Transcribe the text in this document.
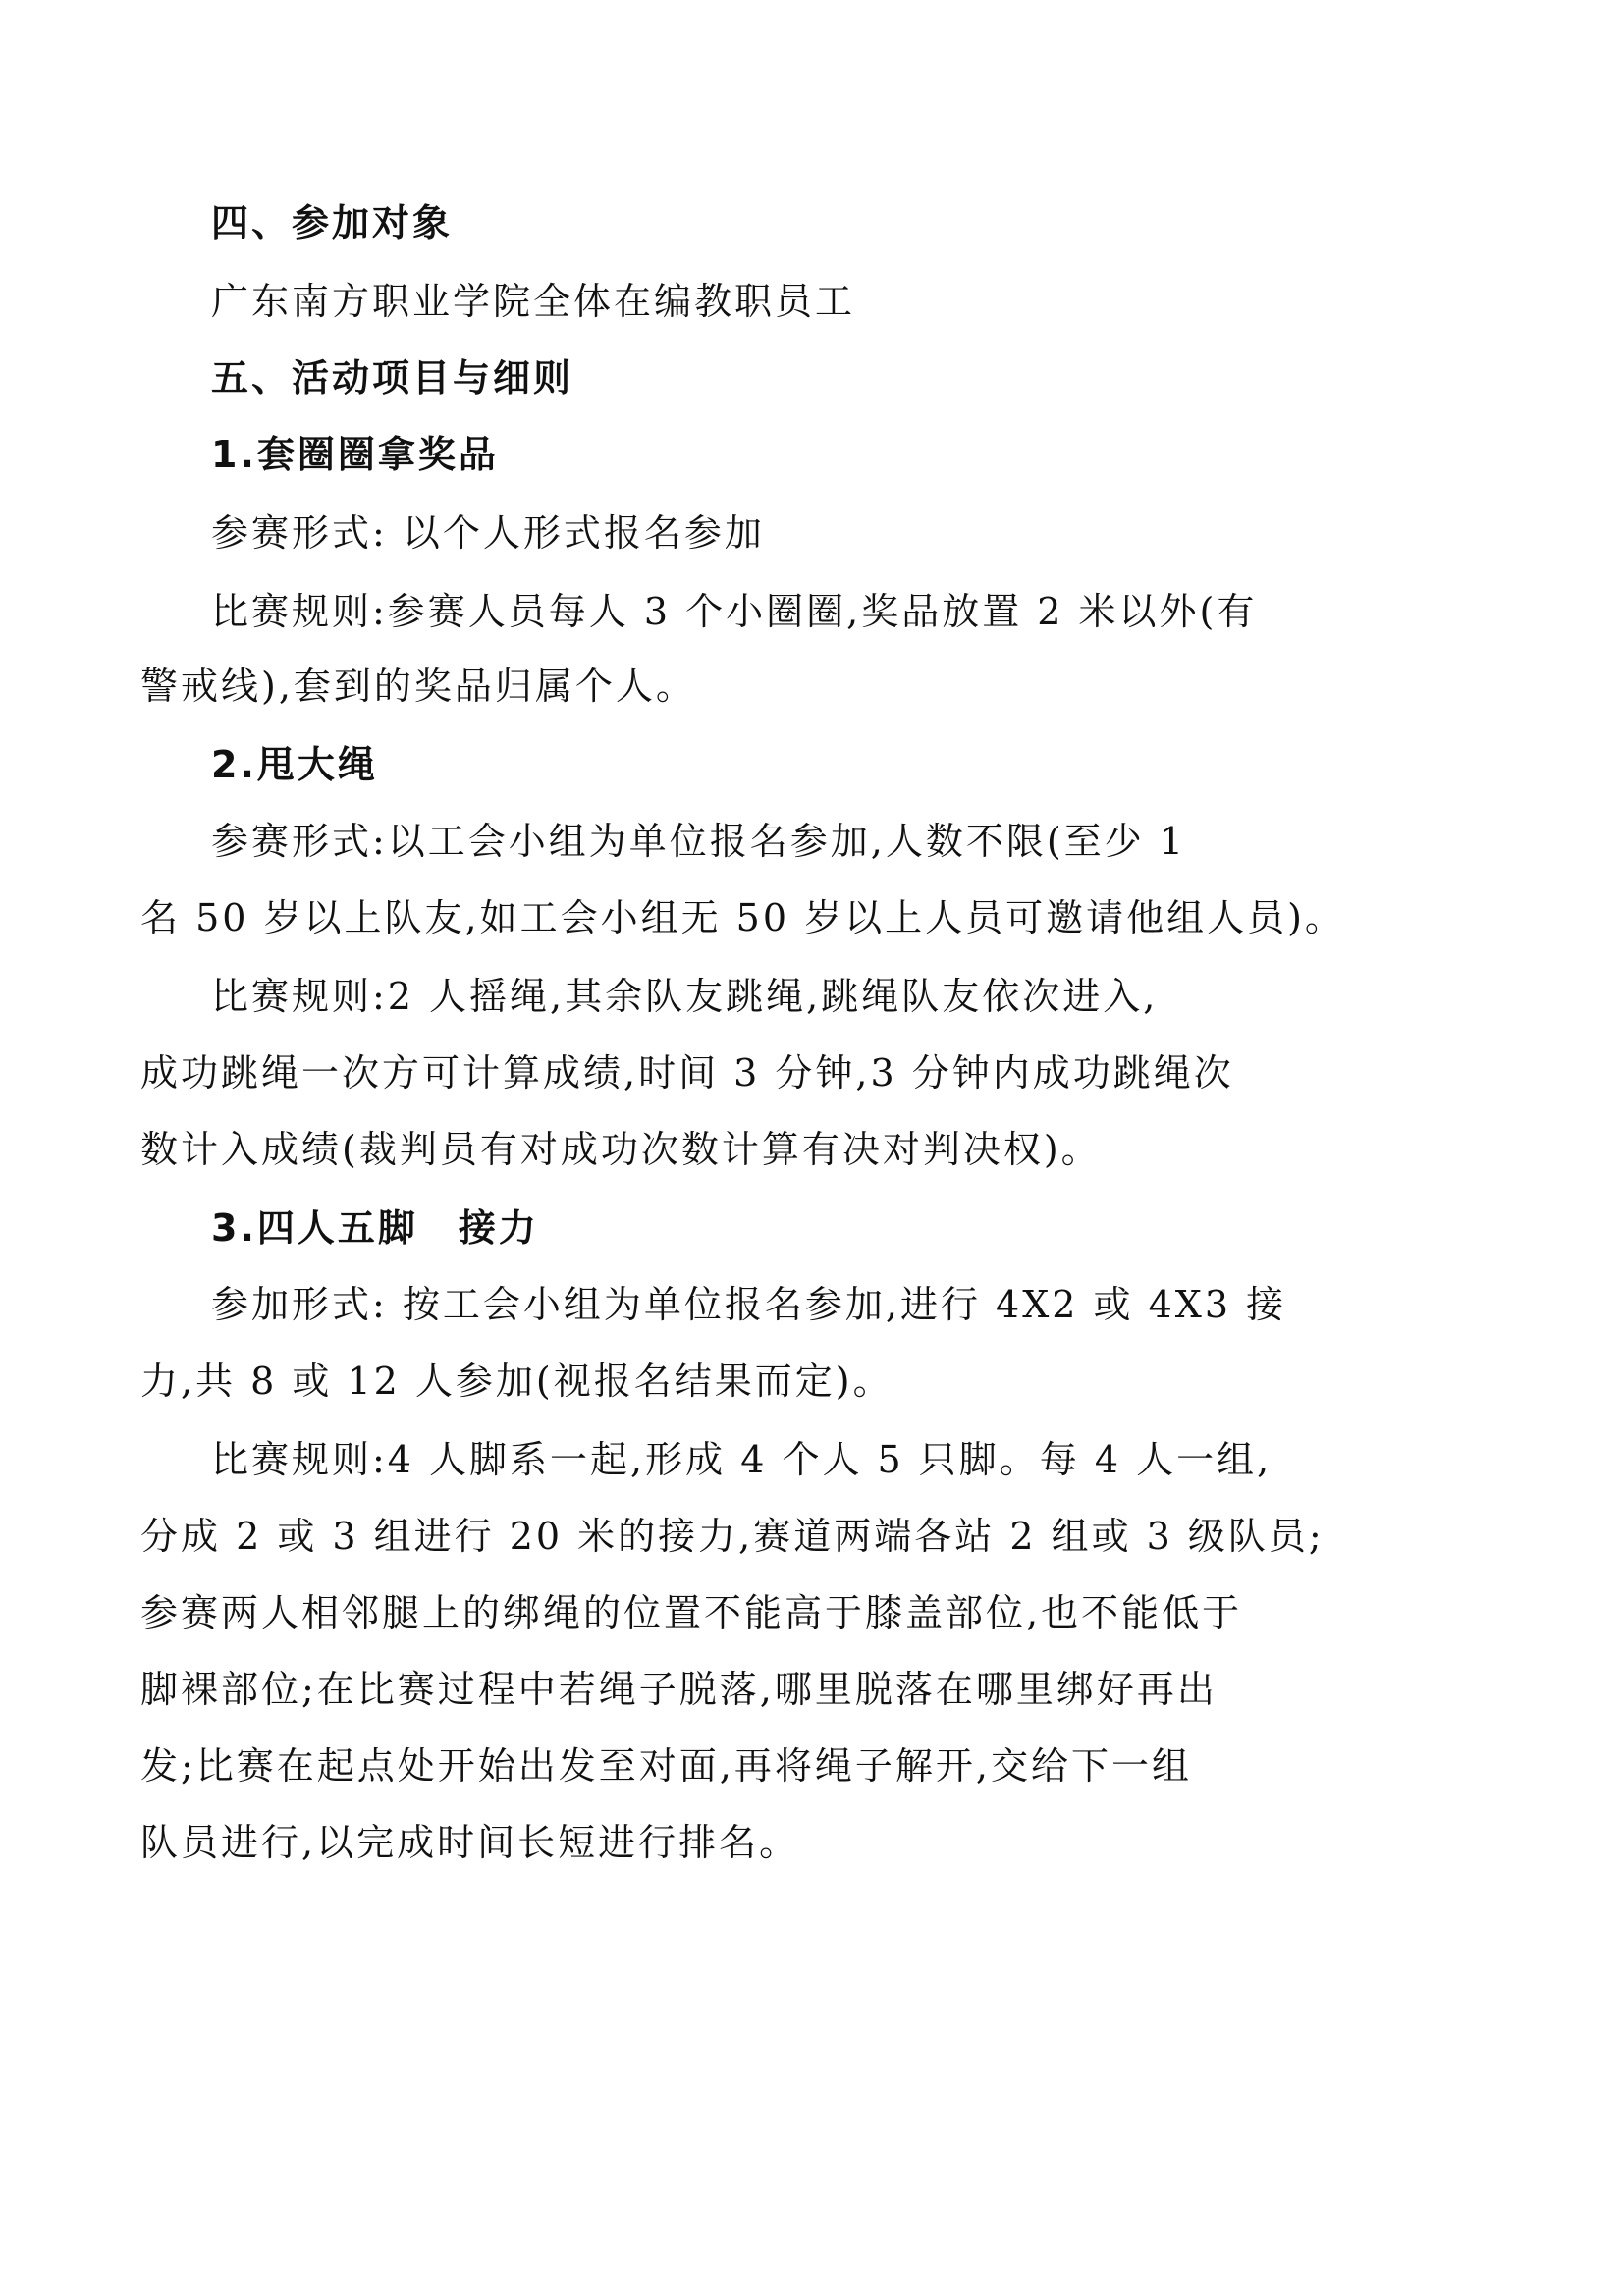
四、参加对象
广东南方职业学院全体在编教职员工
五、活动项目与细则
1.套圈圈拿奖品
参赛形式: 以个人形式报名参加
比赛规则:参赛人员每人 3 个小圈圈,奖品放置 2 米以外(有
警戒线),套到的奖品归属个人。
2.甩大绳
参赛形式:以工会小组为单位报名参加,人数不限(至少 1
名 50 岁以上队友,如工会小组无 50 岁以上人员可邀请他组人员)。
比赛规则:2 人摇绳,其余队友跳绳,跳绳队友依次进入,
成功跳绳一次方可计算成绩,时间 3 分钟,3 分钟内成功跳绳次
数计入成绩(裁判员有对成功次数计算有决对判决权)。
3.四人五脚　接力
参加形式: 按工会小组为单位报名参加,进行 4X2 或 4X3 接
力,共 8 或 12 人参加(视报名结果而定)。
比赛规则:4 人脚系一起,形成 4 个人 5 只脚。每 4 人一组,
分成 2 或 3 组进行 20 米的接力,赛道两端各站 2 组或 3 级队员;
参赛两人相邻腿上的绑绳的位置不能高于膝盖部位,也不能低于
脚裸部位;在比赛过程中若绳子脱落,哪里脱落在哪里绑好再出
发;比赛在起点处开始出发至对面,再将绳子解开,交给下一组
队员进行,以完成时间长短进行排名。
